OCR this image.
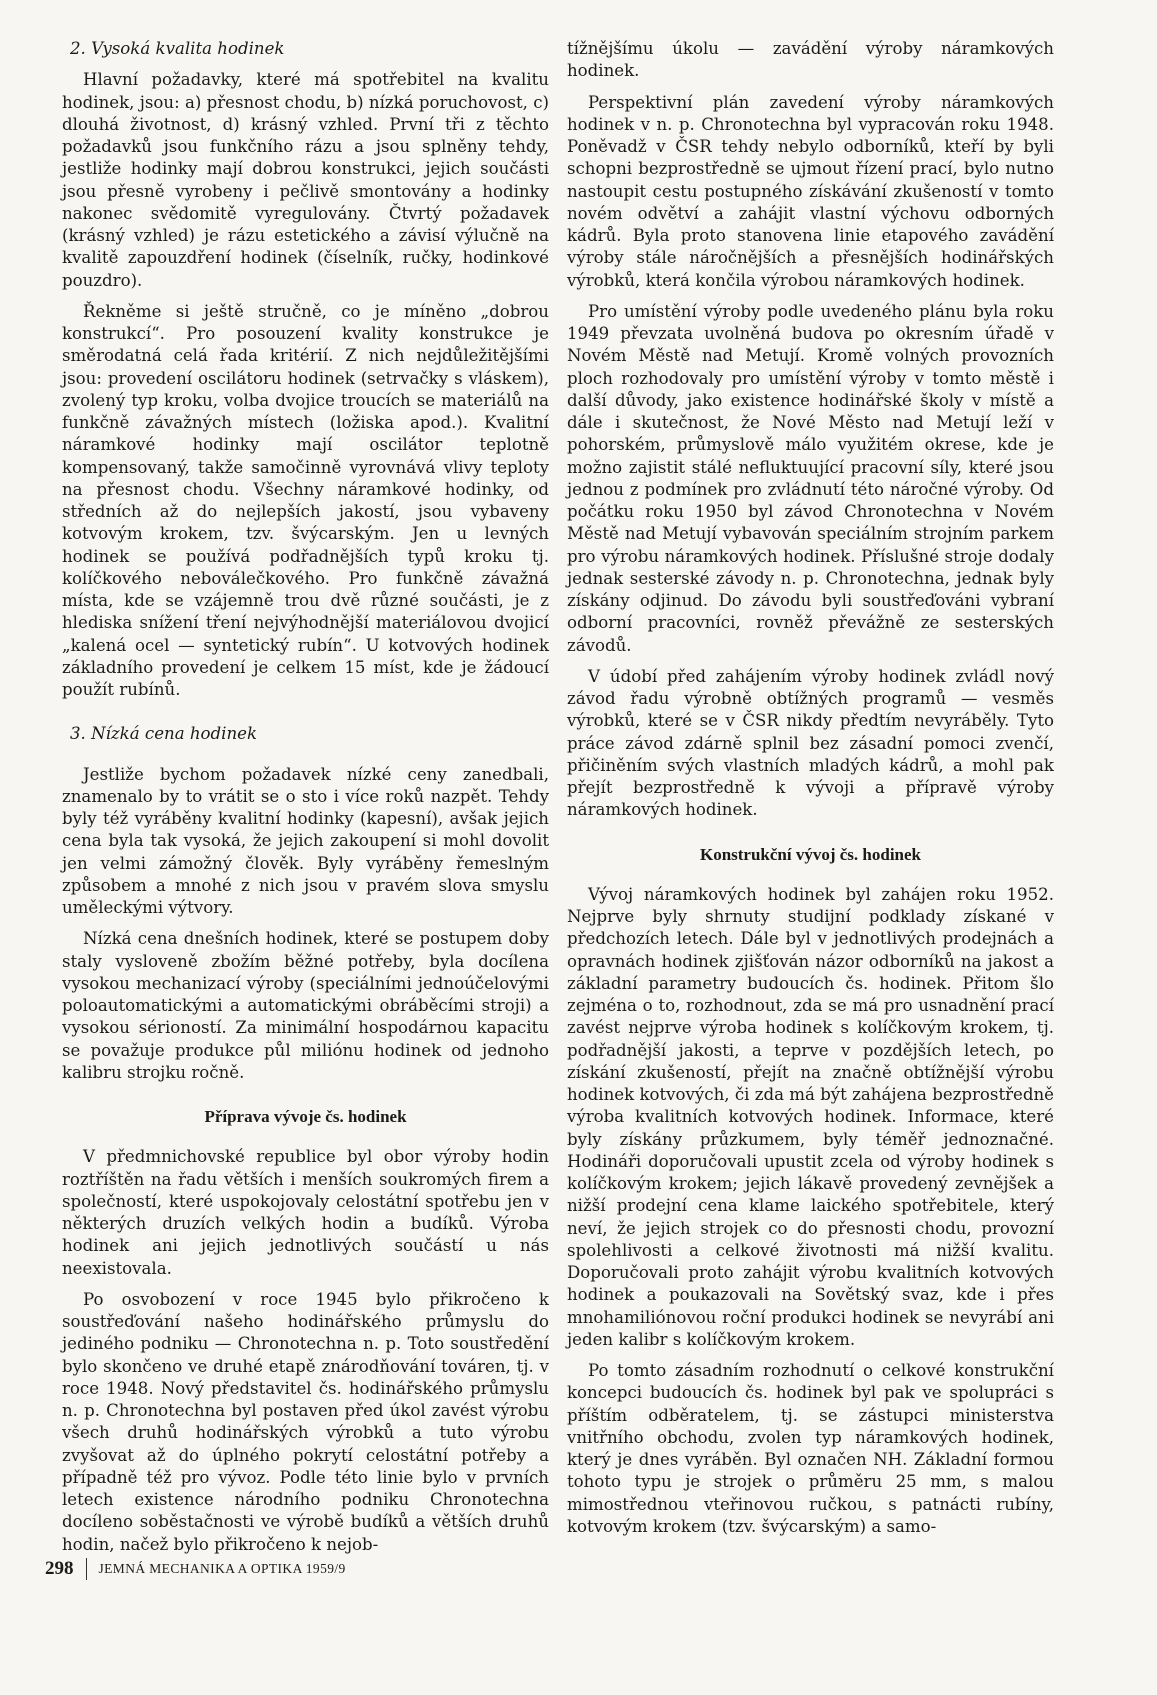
2. Vysoká kvalita hodinek

Hlavní požadavky, které má spotřebitel na kvalitu hodinek, jsou: a) přesnost chodu, b) nízká poruchovost, c) dlouhá životnost, d) krásný vzhled. První tři z těchto požadavků jsou funkčního rázu a jsou splněny tehdy, jestliže hodinky mají dobrou konstrukci, jejich součásti jsou přesně vyrobeny i pečlivě smontovány a hodinky nakonec svědomitě vyregulovány. Čtvrtý požadavek (krásný vzhled) je rázu estetického a závisí výlučně na kvalitě zapouzdření hodinek (číselník, ručky, hodinkové pouzdro).

Řekněme si ještě stručně, co je míněno „dobrou konstrukcí“. Pro posouzení kvality konstrukce je směrodatná celá řada kritérií. Z nich nejdůležitějšími jsou: provedení oscilátoru hodinek (setrvačky s vláskem), zvolený typ kroku, volba dvojice troucích se materiálů na funkčně závažných místech (ložiska apod.). Kvalitní náramkové hodinky mají oscilátor teplotně kompensovaný, takže samočinně vyrovnává vlivy teploty na přesnost chodu. Všechny náramkové hodinky, od středních až do nejlepších jakostí, jsou vybaveny kotvovým krokem, tzv. švýcarským. Jen u levných hodinek se používá podřadnějších typů kroku tj. kolíčkového neboválečkového. Pro funkčně závažná místa, kde se vzájemně trou dvě různé součásti, je z hlediska snížení tření nejvýhodnější materiálovou dvojicí „kalená ocel — syntetický rubín“. U kotvových hodinek základního provedení je celkem 15 míst, kde je žádoucí použít rubínů.

3. Nízká cena hodinek

Jestliže bychom požadavek nízké ceny zanedbali, znamenalo by to vrátit se o sto i více roků nazpět. Tehdy byly též vyráběny kvalitní hodinky (kapesní), avšak jejich cena byla tak vysoká, že jejich zakoupení si mohl dovolit jen velmi zámožný člověk. Byly vyráběny řemeslným způsobem a mnohé z nich jsou v pravém slova smyslu uměleckými výtvory.

Nízká cena dnešních hodinek, které se postupem doby staly vysloveně zbožím běžné potřeby, byla docílena vysokou mechanizací výroby (speciálními jednoúčelovými poloautomatickými a automatickými obráběcími stroji) a vysokou sérioností. Za minimální hospodárnou kapacitu se považuje produkce půl miliónu hodinek od jednoho kalibru strojku ročně.

Příprava vývoje čs. hodinek

V předmnichovské republice byl obor výroby hodin roztříštěn na řadu větších i menších soukromých firem a společností, které uspokojovaly celostátní spotřebu jen v některých druzích velkých hodin a budíků. Výroba hodinek ani jejich jednotlivých součástí u nás neexistovala.

Po osvobození v roce 1945 bylo přikročeno k soustřeďování našeho hodinářského průmyslu do jediného podniku — Chronotechna n. p. Toto soustředění bylo skončeno ve druhé etapě znárodňování továren, tj. v roce 1948. Nový představitel čs. hodinářského průmyslu n. p. Chronotechna byl postaven před úkol zavést výrobu všech druhů hodinářských výrobků a tuto výrobu zvyšovat až do úplného pokrytí celostátní potřeby a případně též pro vývoz. Podle této linie bylo v prvních letech existence národního podniku Chronotechna docíleno soběstačnosti ve výrobě budíků a větších druhů hodin, načež bylo přikročeno k nejob-

tížnějšímu úkolu — zavádění výroby náramkových hodinek.

Perspektivní plán zavedení výroby náramkových hodinek v n. p. Chronotechna byl vypracován roku 1948. Poněvadž v ČSR tehdy nebylo odborníků, kteří by byli schopni bezprostředně se ujmout řízení prací, bylo nutno nastoupit cestu postupného získávání zkušeností v tomto novém odvětví a zahájit vlastní výchovu odborných kádrů. Byla proto stanovena linie etapového zavádění výroby stále náročnějších a přesnějších hodinářských výrobků, která končila výrobou náramkových hodinek.

Pro umístění výroby podle uvedeného plánu byla roku 1949 převzata uvolněná budova po okresním úřadě v Novém Městě nad Metují. Kromě volných provozních ploch rozhodovaly pro umístění výroby v tomto městě i další důvody, jako existence hodinářské školy v místě a dále i skutečnost, že Nové Město nad Metují leží v pohorském, průmyslově málo využitém okrese, kde je možno zajistit stálé nefluktuující pracovní síly, které jsou jednou z podmínek pro zvládnutí této náročné výroby. Od počátku roku 1950 byl závod Chronotechna v Novém Městě nad Metují vybavován speciálním strojním parkem pro výrobu náramkových hodinek. Příslušné stroje dodaly jednak sesterské závody n. p. Chronotechna, jednak byly získány odjinud. Do závodu byli soustřeďováni vybraní odborní pracovníci, rovněž převážně ze sesterských závodů.

V údobí před zahájením výroby hodinek zvládl nový závod řadu výrobně obtížných programů — vesměs výrobků, které se v ČSR nikdy předtím nevyráběly. Tyto práce závod zdárně splnil bez zásadní pomoci zvenčí, přičiněním svých vlastních mladých kádrů, a mohl pak přejít bezprostředně k vývoji a přípravě výroby náramkových hodinek.

Konstrukční vývoj čs. hodinek

Vývoj náramkových hodinek byl zahájen roku 1952. Nejprve byly shrnuty studijní podklady získané v předchozích letech. Dále byl v jednotlivých prodejnách a opravnách hodinek zjišťován názor odborníků na jakost a základní parametry budoucích čs. hodinek. Přitom šlo zejména o to, rozhodnout, zda se má pro usnadnění prací zavést nejprve výroba hodinek s kolíčkovým krokem, tj. podřadnější jakosti, a teprve v pozdějších letech, po získání zkušeností, přejít na značně obtížnější výrobu hodinek kotvových, či zda má být zahájena bezprostředně výroba kvalitních kotvových hodinek. Informace, které byly získány průzkumem, byly téměř jednoznačné. Hodináři doporučovali upustit zcela od výroby hodinek s kolíčkovým krokem; jejich lákavě provedený zevnějšek a nižší prodejní cena klame laického spotřebitele, který neví, že jejich strojek co do přesnosti chodu, provozní spolehlivosti a celkové životnosti má nižší kvalitu. Doporučovali proto zahájit výrobu kvalitních kotvových hodinek a poukazovali na Sovětský svaz, kde i přes mnohamiliónovou roční produkci hodinek se nevyrábí ani jeden kalibr s kolíčkovým krokem.

Po tomto zásadním rozhodnutí o celkové konstrukční koncepci budoucích čs. hodinek byl pak ve spolupráci s příštím odběratelem, tj. se zástupci ministerstva vnitřního obchodu, zvolen typ náramkových hodinek, který je dnes vyráběn. Byl označen NH. Základní formou tohoto typu je strojek o průměru 25 mm, s malou mimostřednou vteřinovou ručkou, s patnácti rubíny, kotvovým krokem (tzv. švýcarským) a samo-

298 JEMNÁ MECHANIKA A OPTIKA 1959/9
